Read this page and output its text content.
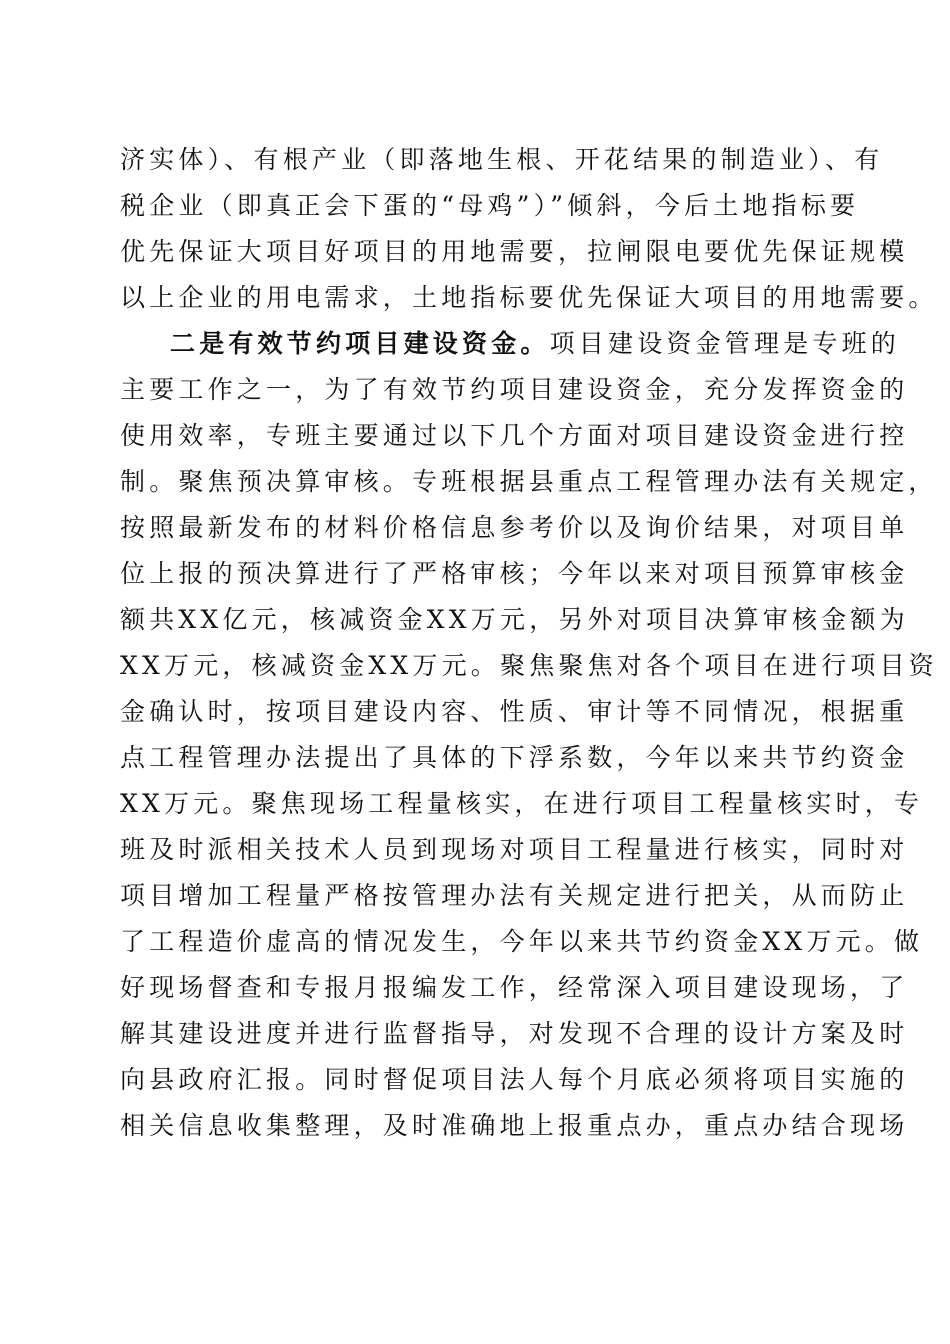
济实体）、有根产业（即落地生根、开花结果的制造业）、有
税企业（即真正会下蛋的“母鸡”）”倾斜，今后土地指标要
优先保证大项目好项目的用地需要，拉闸限电要优先保证规模
以上企业的用电需求，土地指标要优先保证大项目的用地需要。
二是有效节约项目建设资金。项目建设资金管理是专班的
主要工作之一，为了有效节约项目建设资金，充分发挥资金的
使用效率，专班主要通过以下几个方面对项目建设资金进行控
制。聚焦预决算审核。专班根据县重点工程管理办法有关规定，
按照最新发布的材料价格信息参考价以及询价结果，对项目单
位上报的预决算进行了严格审核；今年以来对项目预算审核金
额共XX亿元，核减资金XX万元，另外对项目决算审核金额为
XX万元，核减资金XX万元。聚焦聚焦对各个项目在进行项目资
金确认时，按项目建设内容、性质、审计等不同情况，根据重
点工程管理办法提出了具体的下浮系数，今年以来共节约资金
XX万元。聚焦现场工程量核实，在进行项目工程量核实时，专
班及时派相关技术人员到现场对项目工程量进行核实，同时对
项目增加工程量严格按管理办法有关规定进行把关，从而防止
了工程造价虚高的情况发生，今年以来共节约资金XX万元。做
好现场督查和专报月报编发工作，经常深入项目建设现场，了
解其建设进度并进行监督指导，对发现不合理的设计方案及时
向县政府汇报。同时督促项目法人每个月底必须将项目实施的
相关信息收集整理，及时准确地上报重点办，重点办结合现场
